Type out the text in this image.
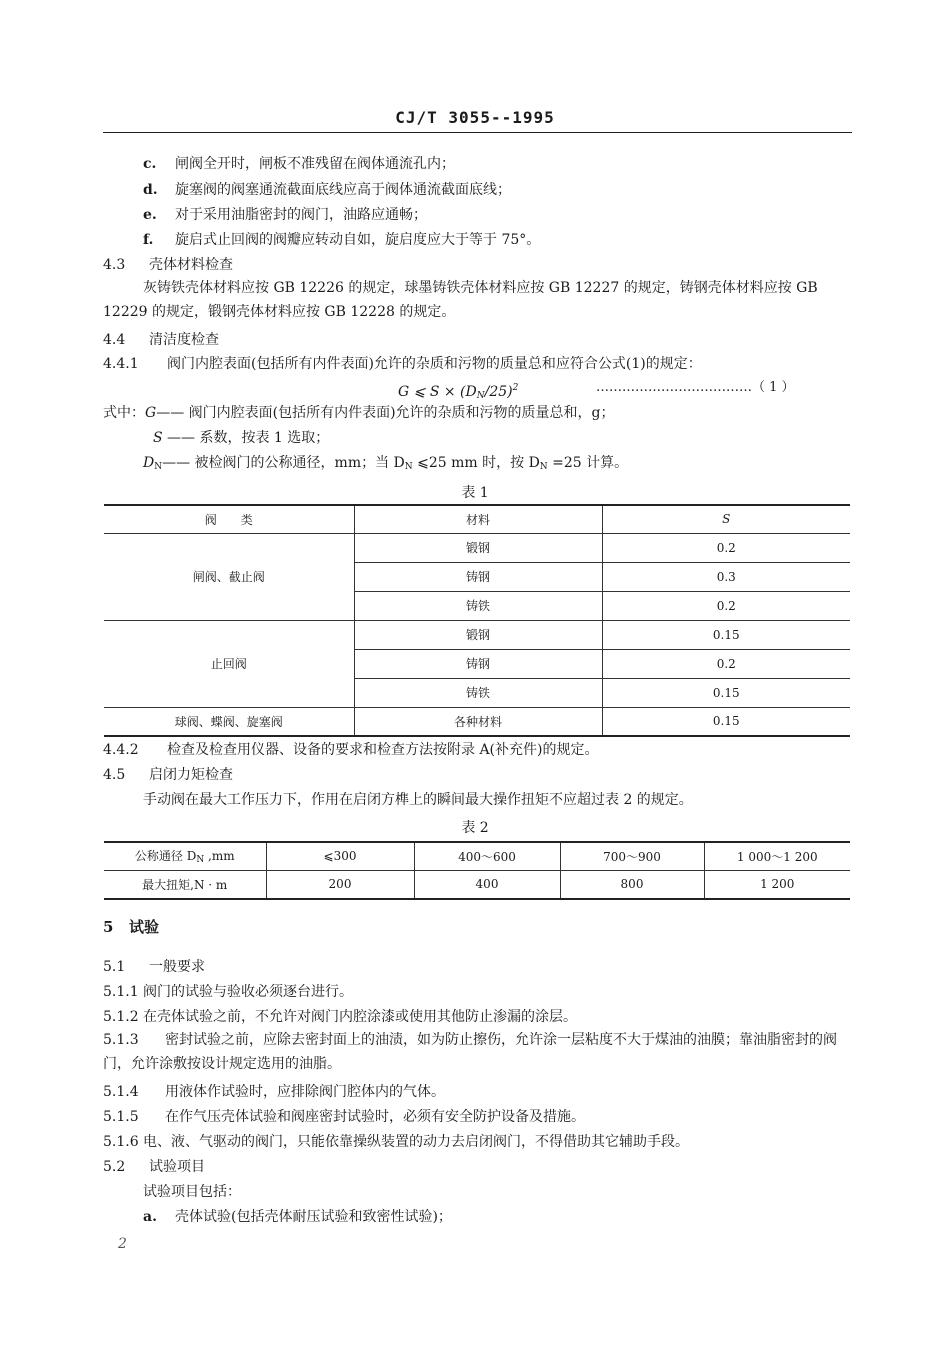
CJ/T 3055--1995
c. 闸阀全开时，闸板不准残留在阀体通流孔内；
d. 旋塞阀的阀塞通流截面底线应高于阀体通流截面底线；
e. 对于采用油脂密封的阀门，油路应通畅；
f. 旋启式止回阀的阀瓣应转动自如，旋启度应大于等于 75°。
4.3 壳体材料检查
灰铸铁壳体材料应按 GB 12226 的规定，球墨铸铁壳体材料应按 GB 12227 的规定，铸钢壳体材料应按 GB 12229 的规定，锻钢壳体材料应按 GB 12228 的规定。
4.4 清洁度检查
4.4.1 阀门内腔表面(包括所有内件表面)允许的杂质和污物的质量总和应符合公式(1)的规定：
G ⩽ $S \times (D_N/25)^2$	………………………………（ 1 ）
式中：G—— 阀门内腔表面(包括所有内件表面)允许的杂质和污物的质量总和，g；
S —— 系数，按表 1 选取；
$D_N——$ 被检阀门的公称通径，mm；当 $D_N$ ⩽25 mm 时，按 $D_N =25$ 计算。
表 1
阀　　类	材料	S
闸阀、截止阀	锻钢	0.2
	铸钢	0.3
	铸铁	0.2
止回阀	锻钢	0.15
	铸钢	0.2
	铸铁	0.15
球阀、蝶阀、旋塞阀	各种材料	0.15
4.4.2 检查及检查用仪器、设备的要求和检查方法按附录 A(补充件)的规定。
4.5 启闭力矩检查
手动阀在最大工作压力下，作用在启闭方榫上的瞬间最大操作扭矩不应超过表 2 的规定。
表 2
公称通径 $D_N$ ,mm	⩽300	400～600	700～900	1 000～1 200
最大扭矩,N · m	200	400	800	1 200
5 试验
5.1 一般要求
5.1.1 阀门的试验与验收必须逐台进行。
5.1.2 在壳体试验之前，不允许对阀门内腔涂漆或使用其他防止渗漏的涂层。
5.1.3 密封试验之前，应除去密封面上的油渍，如为防止擦伤，允许涂一层粘度不大于煤油的油膜；靠油脂密封的阀门，允许涂敷按设计规定选用的油脂。
5.1.4 用液体作试验时，应排除阀门腔体内的气体。
5.1.5 在作气压壳体试验和阀座密封试验时，必须有安全防护设备及措施。
5.1.6 电、液、气驱动的阀门，只能依靠操纵装置的动力去启闭阀门，不得借助其它辅助手段。
5.2 试验项目
试验项目包括：
a. 壳体试验(包括壳体耐压试验和致密性试验)；
2
